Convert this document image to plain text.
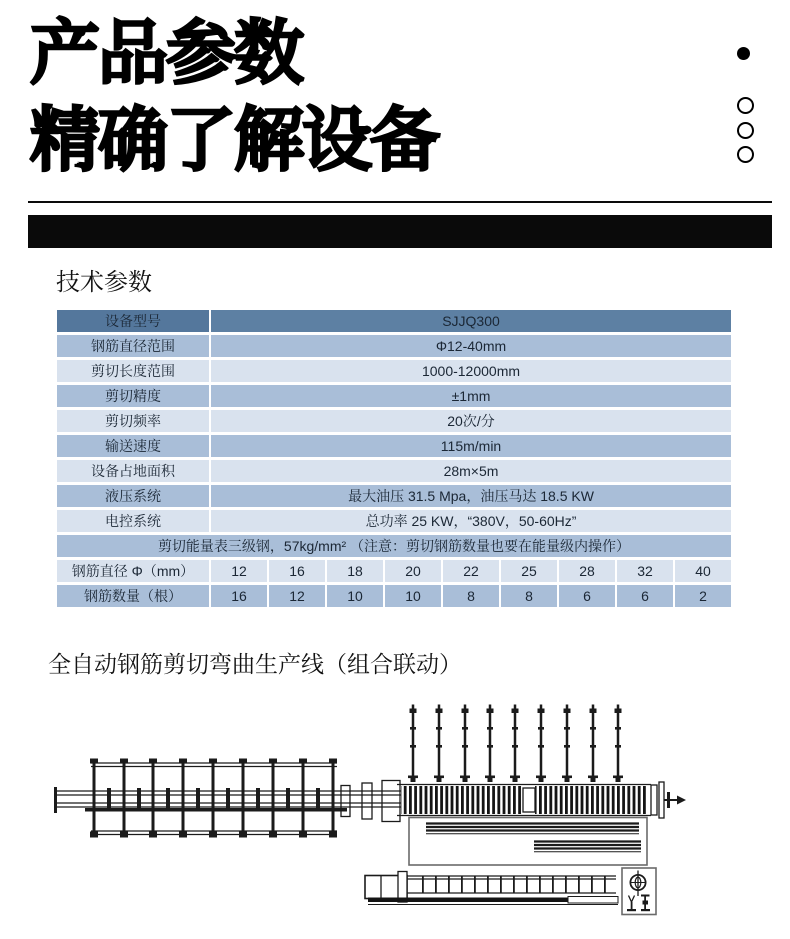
产品参数
精确了解设备
技术参数
设备型号	SJJQ300
钢筋直径范围	Φ12-40mm
剪切长度范围	1000-12000mm
剪切精度	±1mm
剪切频率	20次/分
输送速度	115m/min
设备占地面积	28m×5m
液压系统	最大油压 31.5 Mpa，油压马达 18.5 KW
电控系统	总功率 25 KW，“380V，50-60Hz”
剪切能量表三级钢，57kg/mm² （注意：剪切钢筋数量也要在能量级内操作）
钢筋直径 Φ（mm）	12	16	18	20	22	25	28	32	40
钢筋数量（根）	16	12	10	10	8	8	6	6	2
全自动钢筋剪切弯曲生产线（组合联动）
